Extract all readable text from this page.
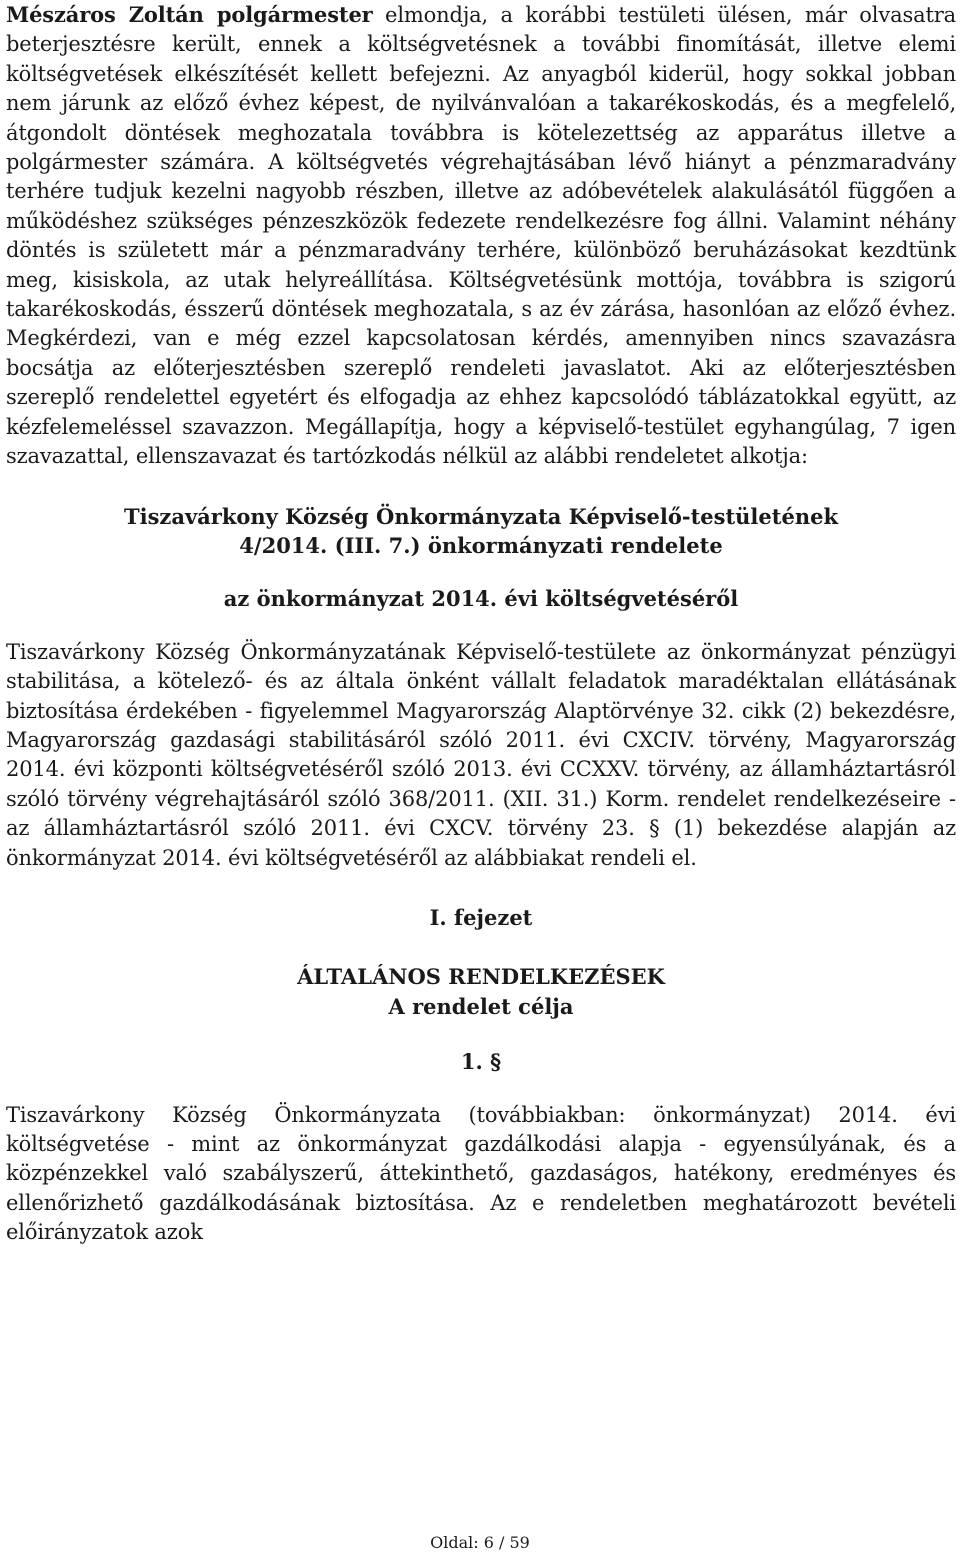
Mészáros Zoltán polgármester elmondja, a korábbi testületi ülésen, már olvasatra beterjesztésre került, ennek a költségvetésnek a további finomítását, illetve elemi költségvetések elkészítését kellett befejezni. Az anyagból kiderül, hogy sokkal jobban nem járunk az előző évhez képest, de nyilvánvalóan a takarékoskodás, és a megfelelő, átgondolt döntések meghozatala továbbra is kötelezettség az apparátus illetve a polgármester számára. A költségvetés végrehajtásában lévő hiányt a pénzmaradvány terhére tudjuk kezelni nagyobb részben, illetve az adóbevételek alakulásától függően a működéshez szükséges pénzeszközök fedezete rendelkezésre fog állni. Valamint néhány döntés is született már a pénzmaradvány terhére, különböző beruházásokat kezdtünk meg, kisiskola, az utak helyreállítása. Költségvetésünk mottója, továbbra is szigorú takarékoskodás, ésszerű döntések meghozatala, s az év zárása, hasonlóan az előző évhez. Megkérdezi, van e még ezzel kapcsolatosan kérdés, amennyiben nincs szavazásra bocsátja az előterjesztésben szereplő rendeleti javaslatot. Aki az előterjesztésben szereplő rendelettel egyetért és elfogadja az ehhez kapcsolódó táblázatokkal együtt, az kézfelemeléssel szavazzon. Megállapítja, hogy a képviselő-testület egyhangúlag, 7 igen szavazattal, ellenszavazat és tartózkodás nélkül az alábbi rendeletet alkotja:

Tiszavárkony Község Önkormányzata Képviselő-testületének
4/2014. (III. 7.) önkormányzati rendelete
az önkormányzat 2014. évi költségvetéséről

Tiszavárkony Község Önkormányzatának Képviselő-testülete az önkormányzat pénzügyi stabilitása, a kötelező- és az általa önként vállalt feladatok maradéktalan ellátásának biztosítása érdekében - figyelemmel Magyarország Alaptörvénye 32. cikk (2) bekezdésre, Magyarország gazdasági stabilitásáról szóló 2011. évi CXCIV. törvény, Magyarország 2014. évi központi költségvetéséről szóló 2013. évi CCXXV. törvény, az államháztartásról szóló törvény végrehajtásáról szóló 368/2011. (XII. 31.) Korm. rendelet rendelkezéseire - az államháztartásról szóló 2011. évi CXCV. törvény 23. § (1) bekezdése alapján az önkormányzat 2014. évi költségvetéséről az alábbiakat rendeli el.

I. fejezet
ÁLTALÁNOS RENDELKEZÉSEK
A rendelet célja
1. §

Tiszavárkony Község Önkormányzata (továbbiakban: önkormányzat) 2014. évi költségvetése - mint az önkormányzat gazdálkodási alapja - egyensúlyának, és a közpénzekkel való szabályszerű, áttekinthető, gazdaságos, hatékony, eredményes és ellenőrizhető gazdálkodásának biztosítása. Az e rendeletben meghatározott bevételi előirányzatok azok

Oldal: 6 / 59
